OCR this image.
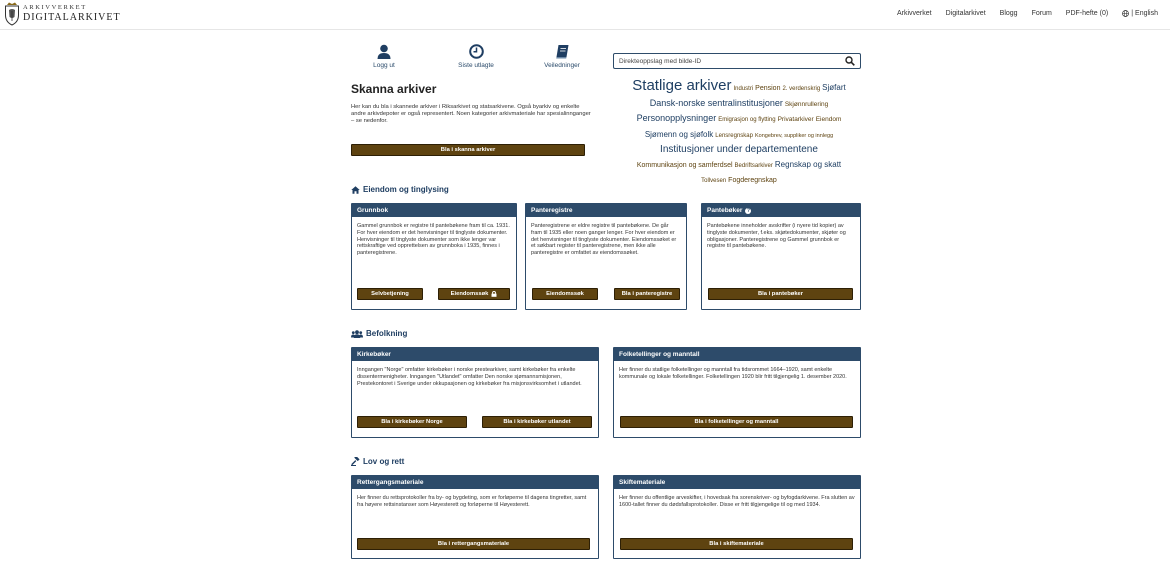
ARKIVVERKET
DIGITALARKIVET	Arkivverket Digitalarkivet Blogg Forum PDF-hefte (0)	| English
Logg ut	Siste utlagte	Veiledninger
Direkteoppslag med bilde-ID
Skanna arkiver
Her kan du bla i skannede arkiver i Riksarkivet og statsarkivene. Også byarkiv og enkelte andre arkivdepoter er også representert. Noen kategorier arkivmateriale har spesialinnganger – se nedenfor.
Bla i skanna arkiver
Statlige arkiver Industri Pension 2. verdenskrig Sjøfart
Dansk-norske sentralinstitusjoner Skjønnrullering
Personopplysninger Emigrasjon og flytting Privatarkiver Eiendom
Sjømenn og sjøfolk Lensregnskap Kongebrev, suppliker og innlegg
Institusjoner under departementene
Kommunikasjon og samferdsel Bedriftsarkiver Regnskap og skatt
Tollvesen Fogderegnskap
Eiendom og tinglysing
Grunnbok
Gammel grunnbok er registre til pantebøkene fram til ca. 1931. For hver eiendom er det henvisninger til tinglyste dokumenter. Henvisninger til tinglyste dokumenter som ikke lenger var rettskraftige ved opprettelsen av grunnboka i 1935, finnes i panteregistrene.
Selvbetjening	Eiendomssøk
Panteregistre
Panteregistrene er eldre registre til pantebøkene. De går fram til 1935 eller noen ganger lenger. For hver eiendom er det henvisninger til tinglyste dokumenter. Eiendomssøket er et søkbart register til panteregistrene, men ikke alle panteregistre er omfattet av eiendomssøket.
Eiendomssøk	Bla i panteregistre
Pantebøker ?
Pantebøkene inneholder avskrifter (i nyere tid kopier) av tinglyste dokumenter, f.eks. skjøtedokumenter, skjøter og obligasjoner. Panteregistrene og Gammel grunnbok er registre til pantebøkene.
Bla i pantebøker
Befolkning
Kirkebøker
Inngangen "Norge" omfatter kirkebøker i norske prestearkiver, samt kirkebøker fra enkelte dissentermenigheter. Inngangen "Utlandet" omfatter Den norske sjømannsmisjonen, Prestekontoret i Sverige under okkupasjonen og kirkebøker fra misjonsvirksomhet i utlandet.
Bla i kirkebøker Norge	Bla i kirkebøker utlandet
Folketellinger og manntall
Her finner du statlige folketellinger og manntall fra tidsrommet 1664–1920, samt enkelte kommunale og lokale folketellinger. Folketellingen 1920 blir fritt tilgjengelig 1. desember 2020.
Bla i folketellinger og manntall
Lov og rett
Rettergangsmateriale
Her finner du rettsprotokoller fra by- og bygdeting, som er forløperne til dagens tingretter, samt fra høyere rettsinstanser som Høyesterett og forløperne til Høyesterett.
Bla i rettergangsmateriale
Skiftemateriale
Her finner du offentlige arveskifter, i hovedsak fra sorenskriver- og byfogdarkivene. Fra slutten av 1600-tallet finner du dødsfallsprotokoller. Disse er fritt tilgjengelige til og med 1934.
Bla i skiftemateriale
